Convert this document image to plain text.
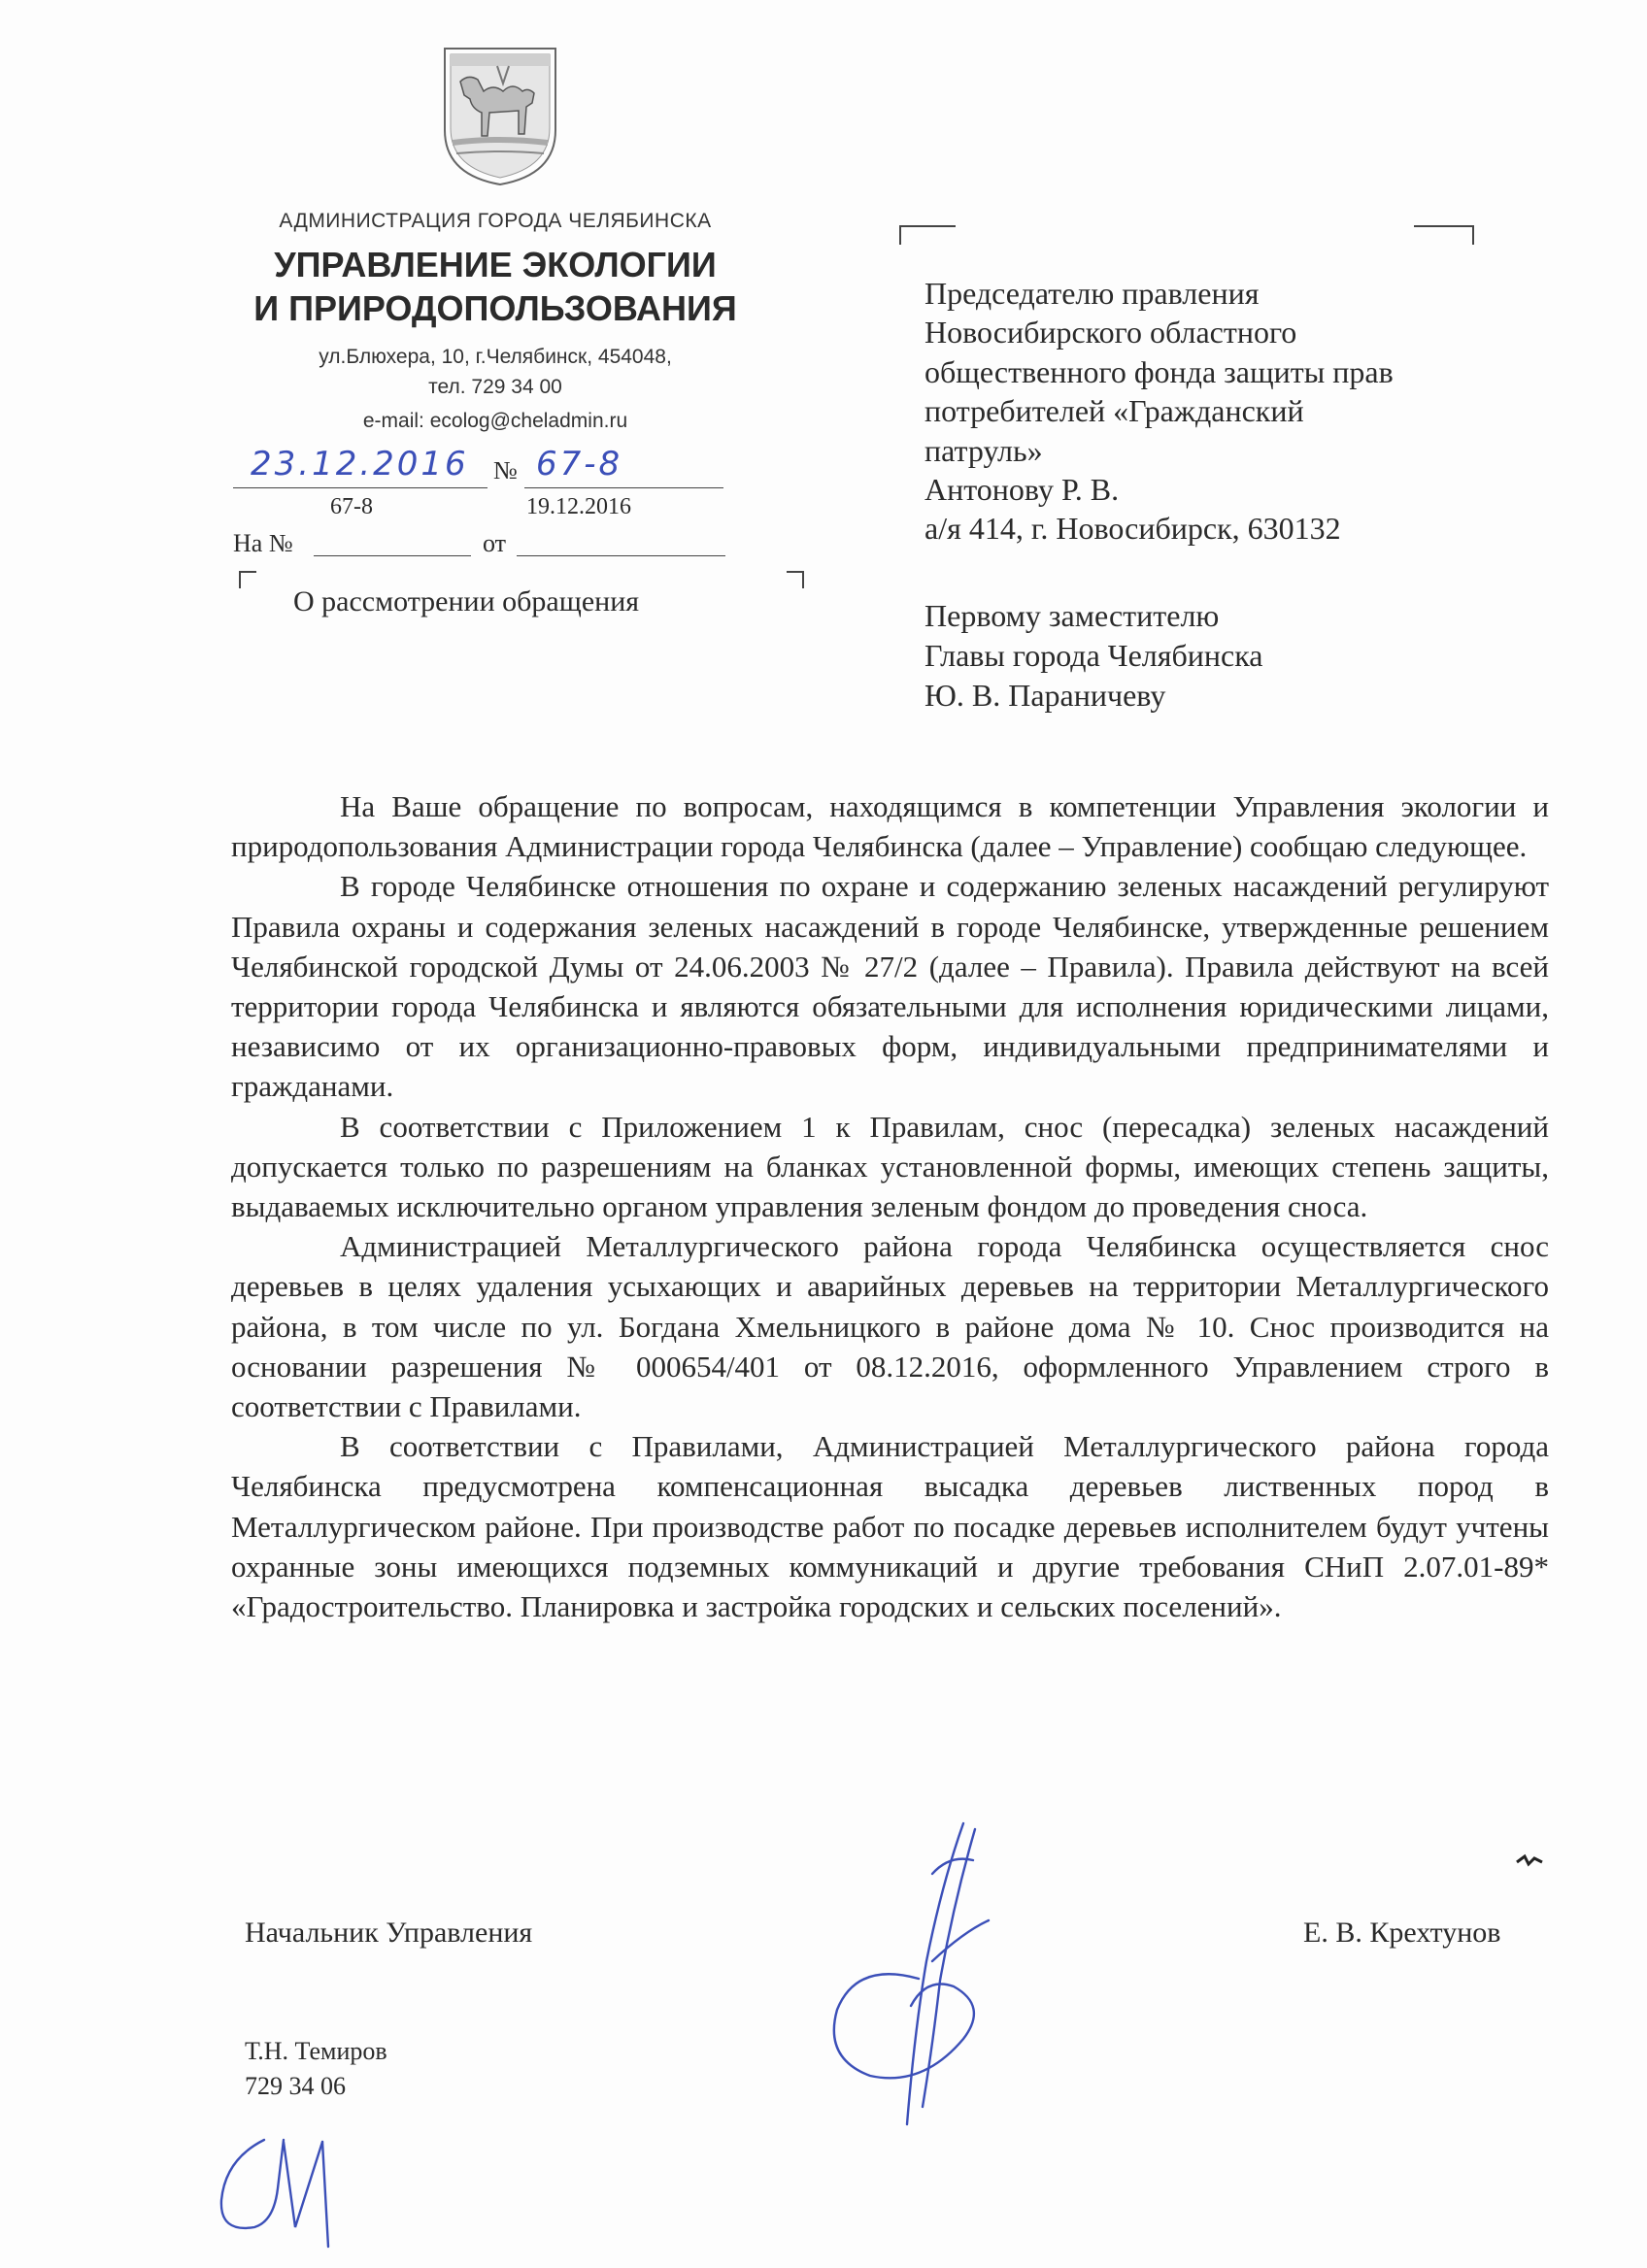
АДМИНИСТРАЦИЯ ГОРОДА ЧЕЛЯБИНСКА
УПРАВЛЕНИЕ ЭКОЛОГИИ
И ПРИРОДОПОЛЬЗОВАНИЯ
ул.Блюхера, 10, г.Челябинск, 454048,
тел. 729 34 00
e-mail: ecolog@cheladmin.ru
23.12.2016 № 67-8
67-8	19.12.2016
На №	от
О рассмотрении обращения
Председателю правления
Новосибирского областного
общественного фонда защиты прав
потребителей «Гражданский
патруль»
Антонову Р. В.
а/я 414, г. Новосибирск, 630132
Первому заместителю
Главы города Челябинска
Ю. В. Параничеву

На Ваше обращение по вопросам, находящимся в компетенции Управления экологии и природопользования Администрации города Челябинска (далее – Управление) сообщаю следующее.

В городе Челябинске отношения по охране и содержанию зеленых насаждений регулируют Правила охраны и содержания зеленых насаждений в городе Челябинске, утвержденные решением Челябинской городской Думы от 24.06.2003 № 27/2 (далее – Правила). Правила действуют на всей территории города Челябинска и являются обязательными для исполнения юридическими лицами, независимо от их организационно-правовых форм, индивидуальными предпринимателями и гражданами.

В соответствии с Приложением 1 к Правилам, снос (пересадка) зеленых насаждений допускается только по разрешениям на бланках установленной формы, имеющих степень защиты, выдаваемых исключительно органом управления зеленым фондом до проведения сноса.

Администрацией Металлургического района города Челябинска осуществляется снос деревьев в целях удаления усыхающих и аварийных деревьев на территории Металлургического района, в том числе по ул. Богдана Хмельницкого в районе дома № 10. Снос производится на основании разрешения № 000654/401 от 08.12.2016, оформленного Управлением строго в соответствии с Правилами.

В соответствии с Правилами, Администрацией Металлургического района города Челябинска предусмотрена компенсационная высадка деревьев лиственных пород в Металлургическом районе. При производстве работ по посадке деревьев исполнителем будут учтены охранные зоны имеющихся подземных коммуникаций и другие требования СНиП 2.07.01-89* «Градостроительство. Планировка и застройка городских и сельских поселений».

Начальник Управления	Е. В. Крехтунов
Т.Н. Темиров
729 34 06
